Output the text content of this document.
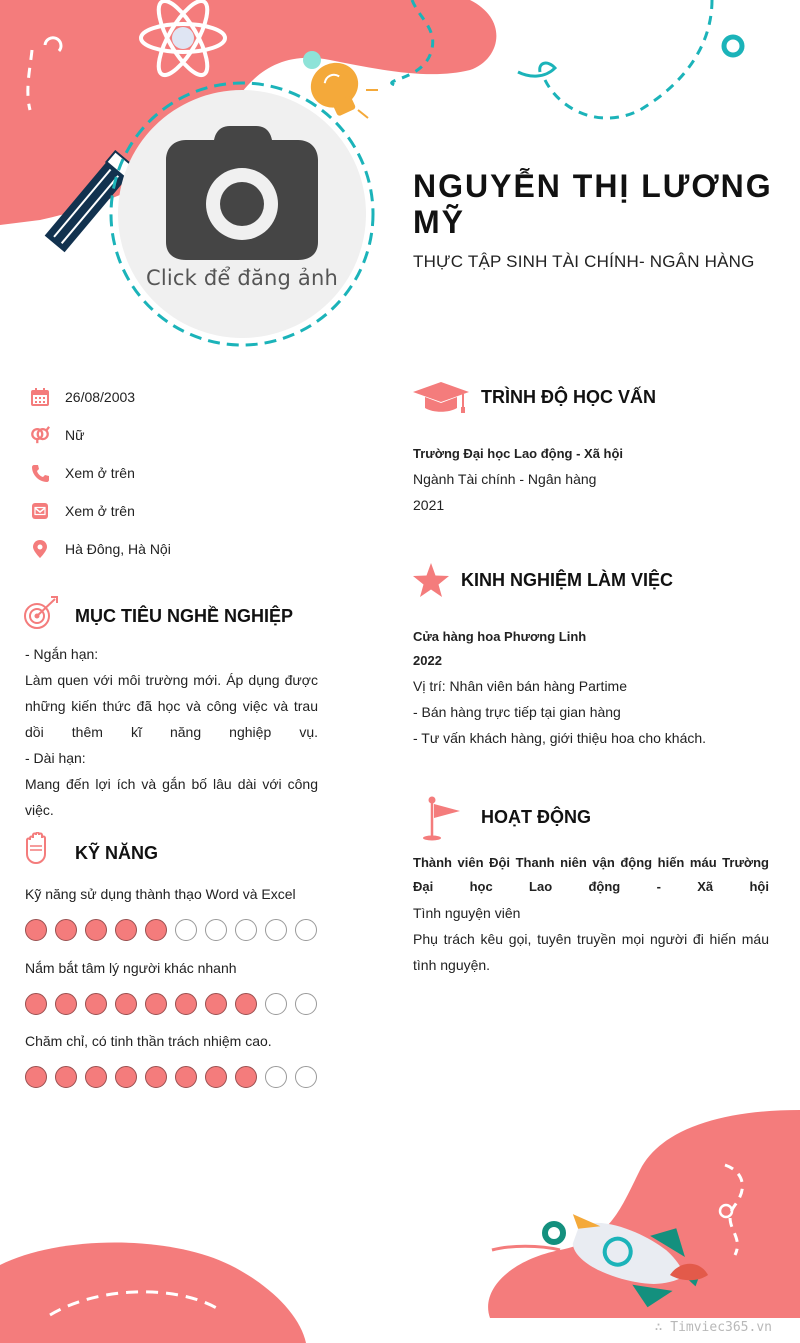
Click để đăng ảnh
NGUYỄN THỊ LƯƠNG MỸ
THỰC TẬP SINH TÀI CHÍNH- NGÂN HÀNG
26/08/2003
Nữ
Xem ở trên
Xem ở trên
Hà Đông, Hà Nội
MỤC TIÊU NGHỀ NGHIỆP
- Ngắn hạn:
Làm quen với môi trường mới. Áp dụng được những kiến thức đã học và công việc và trau dồi thêm kĩ năng nghiệp vụ.
- Dài hạn:
Mang đến lợi ích và gắn bố lâu dài với công việc.
KỸ NĂNG
Kỹ năng sử dụng thành thạo Word và Excel
Nắm bắt tâm lý người khác nhanh
Chăm chỉ, có tinh thần trách nhiệm cao.
TRÌNH ĐỘ HỌC VẤN
Trường Đại học Lao động - Xã hội
Ngành Tài chính - Ngân hàng
2021
KINH NGHIỆM LÀM VIỆC
Cửa hàng hoa Phương Linh
2022
Vị trí: Nhân viên bán hàng Partime
- Bán hàng trực tiếp tại gian hàng
- Tư vấn khách hàng, giới thiệu hoa cho khách.
HOẠT ĐỘNG
Thành viên Đội Thanh niên vận động hiến máu Trường Đại học Lao động - Xã hội
Tình nguyện viên
Phụ trách kêu gọi, tuyên truyền mọi người đi hiến máu tình nguyện.
∴ Timviec365.vn
